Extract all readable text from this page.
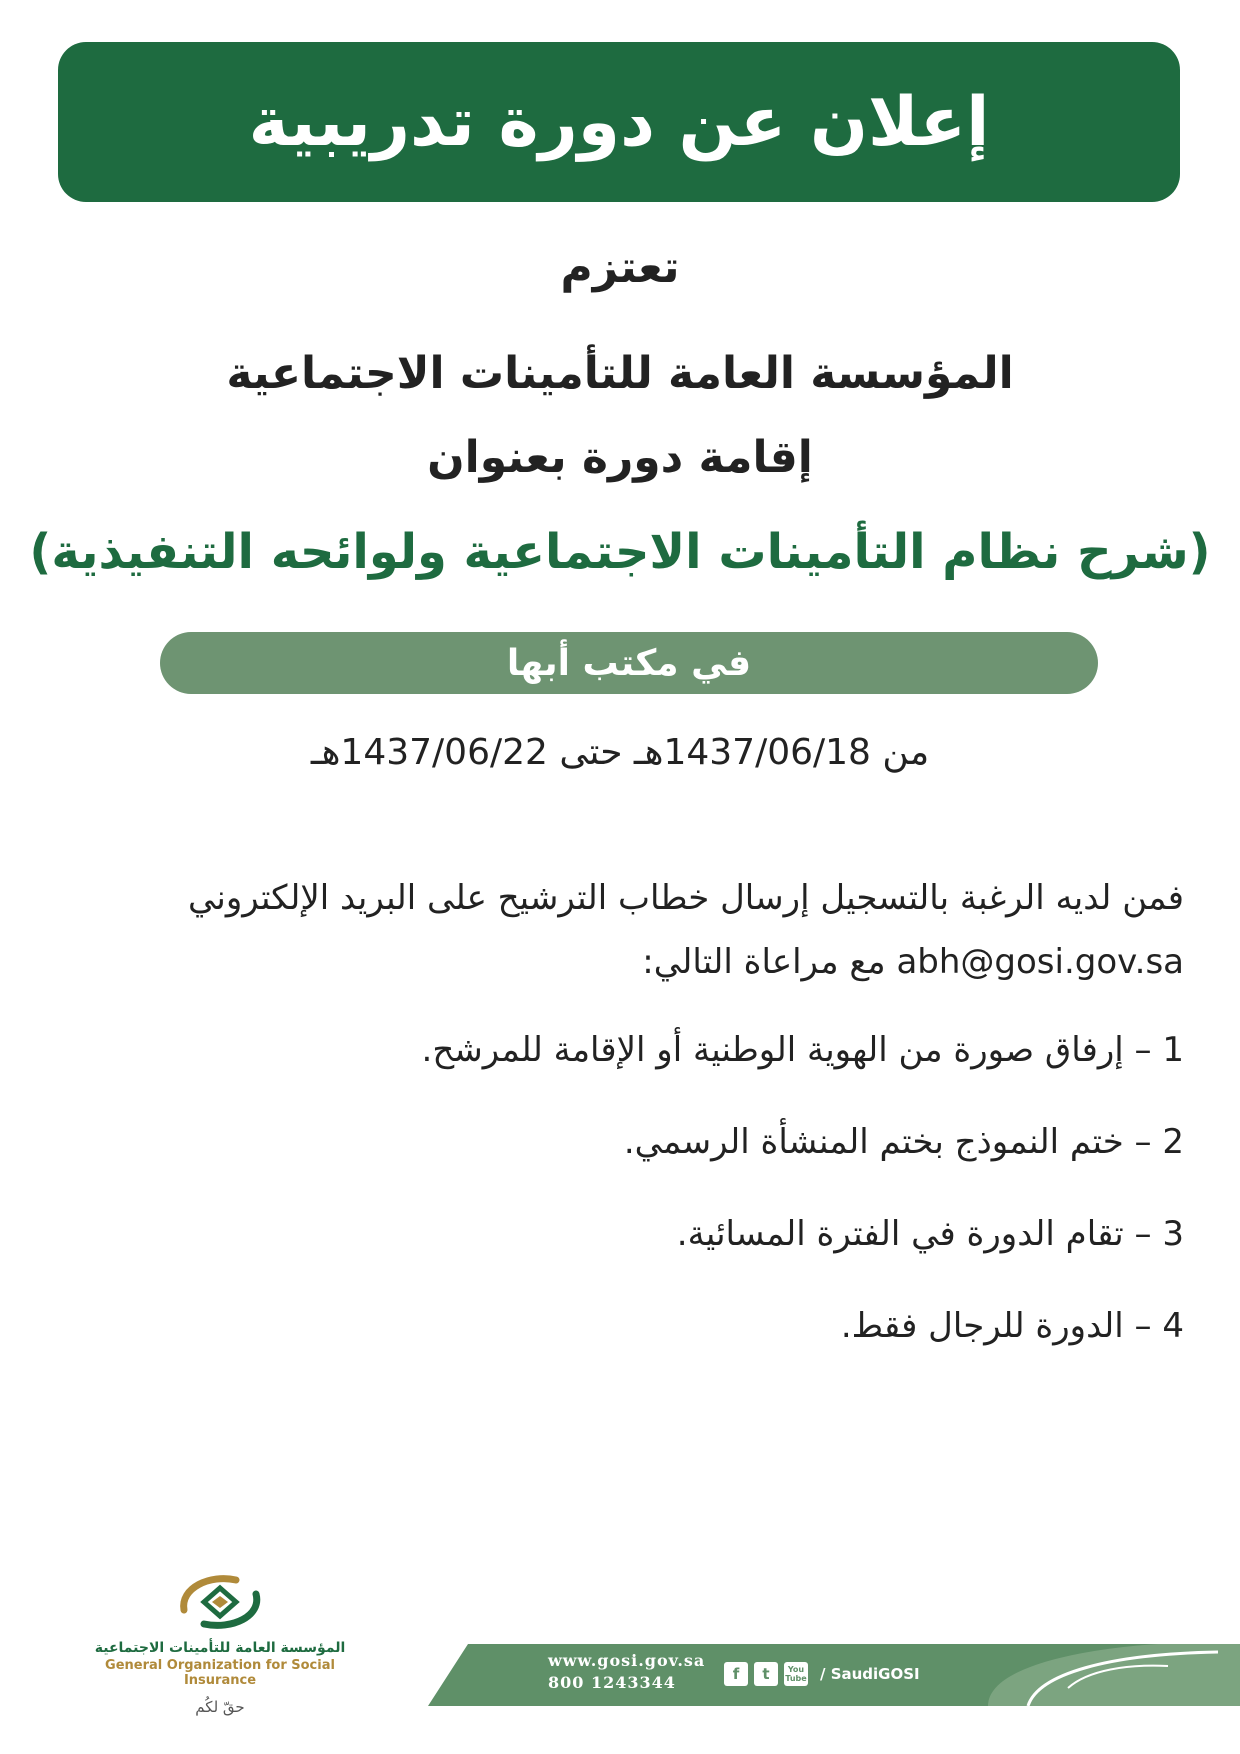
إعلان عن دورة تدريبية
تعتزم
المؤسسة العامة للتأمينات الاجتماعية
إقامة دورة بعنوان
(شرح نظام التأمينات الاجتماعية ولوائحه التنفيذية)
في مكتب أبها
من 1437/06/18هـ حتى 1437/06/22هـ

فمن لديه الرغبة بالتسجيل إرسال خطاب الترشيح على البريد الإلكتروني

abh@gosi.gov.sa مع مراعاة التالي:

1 – إرفاق صورة من الهوية الوطنية أو الإقامة للمرشح.
2 – ختم النموذج بختم المنشأة الرسمي.
3 – تقام الدورة في الفترة المسائية.
4 – الدورة للرجال فقط.
المؤسسة العامة للتأمينات الاجتماعية
General Organization for Social Insurance
حقّ لكُم
www.gosi.gov.sa
800 1243344	f	t	You Tube / SaudiGOSI
